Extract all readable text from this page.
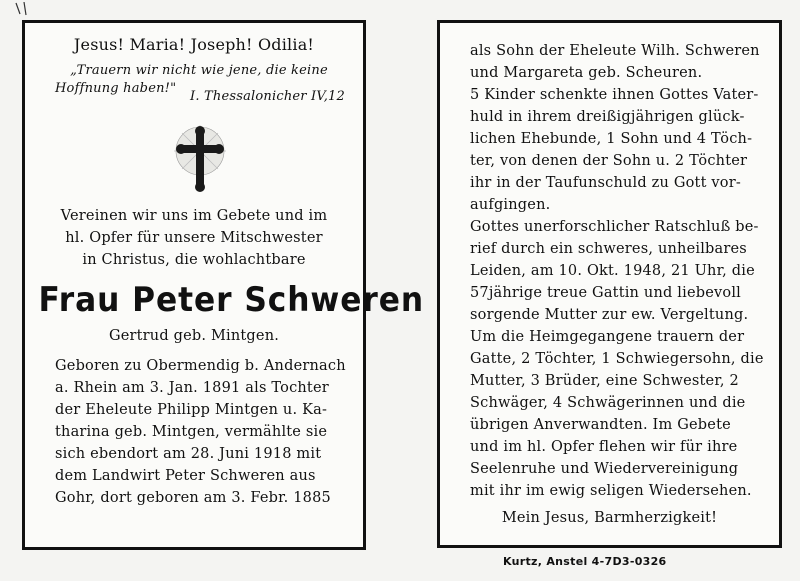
Jesus! Maria! Joseph! Odilia!
„Trauern wir nicht wie jene, die keine
Hoffnung haben!"
I. Thessalonicher IV,12
Vereinen wir uns im Gebete und im
hl. Opfer für unsere Mitschwester
in Christus, die wohlachtbare
Frau Peter Schweren
Gertrud geb. Mintgen.
Geboren zu Obermendig b. Andernach
a. Rhein am 3. Jan. 1891 als Tochter
der Eheleute Philipp Mintgen u. Ka-
tharina geb. Mintgen, vermählte sie
sich ebendort am 28. Juni 1918 mit
dem Landwirt Peter Schweren aus
Gohr, dort geboren am 3. Febr. 1885
als Sohn der Eheleute Wilh. Schweren
und Margareta geb. Scheuren.
5 Kinder schenkte ihnen Gottes Vater-
huld in ihrem dreißigjährigen glück-
lichen Ehebunde, 1 Sohn und 4 Töch-
ter, von denen der Sohn u. 2 Töchter
ihr in der Taufunschuld zu Gott vor-
aufgingen.
Gottes unerforschlicher Ratschluß be-
rief durch ein schweres, unheilbares
Leiden, am 10. Okt. 1948, 21 Uhr, die
57jährige treue Gattin und liebevoll
sorgende Mutter zur ew. Vergeltung.
Um die Heimgegangene trauern der
Gatte, 2 Töchter, 1 Schwiegersohn, die
Mutter, 3 Brüder, eine Schwester, 2
Schwäger, 4 Schwägerinnen und die
übrigen Anverwandten. Im Gebete
und im hl. Opfer flehen wir für ihre
Seelenruhe und Wiedervereinigung
mit ihr im ewig seligen Wiedersehen.
Mein Jesus, Barmherzigkeit!
Kurtz, Anstel 4-7D3-0326
